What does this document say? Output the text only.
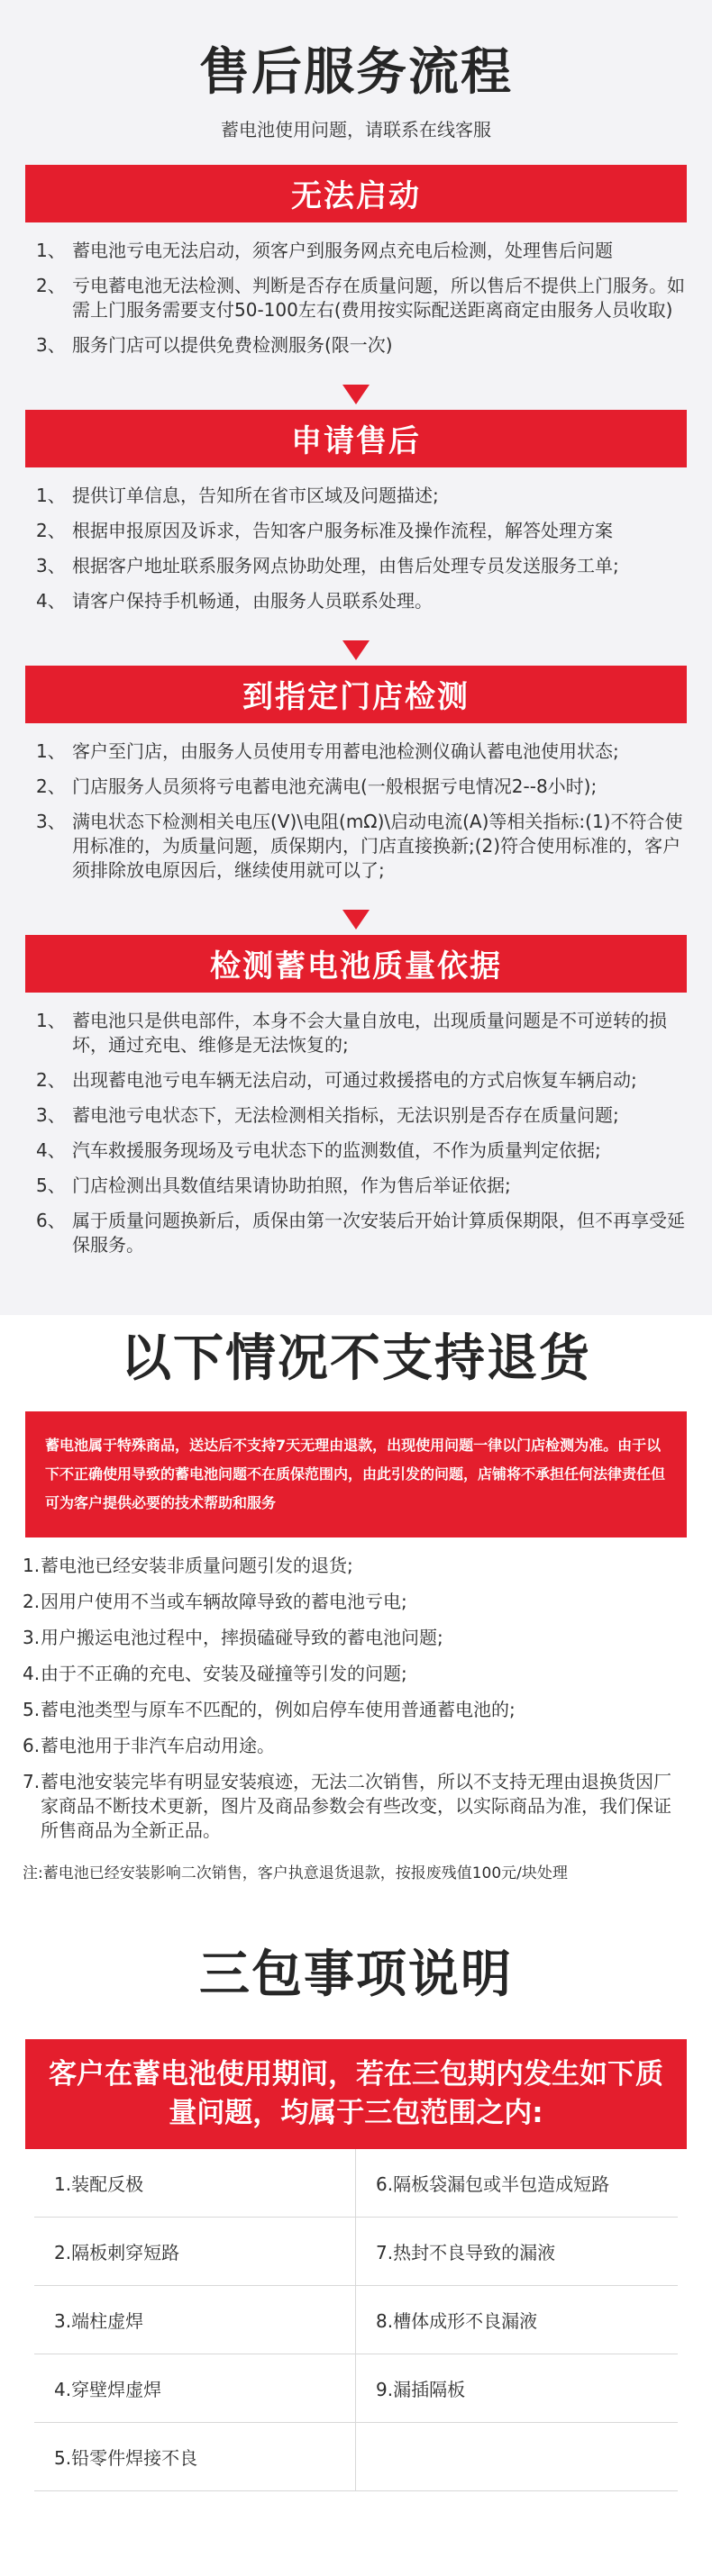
售后服务流程
蓄电池使用问题，请联系在线客服
无法启动
1、 蓄电池亏电无法启动，须客户到服务网点充电后检测，处理售后问题
2、 亏电蓄电池无法检测、判断是否存在质量问题，所以售后不提供上门服务。如需上门服务需要支付50-100左右(费用按实际配送距离商定由服务人员收取)
3、 服务门店可以提供免费检测服务(限一次)
申请售后
1、 提供订单信息，告知所在省市区域及问题描述;
2、 根据申报原因及诉求，告知客户服务标准及操作流程，解答处理方案
3、 根据客户地址联系服务网点协助处理，由售后处理专员发送服务工单;
4、 请客户保持手机畅通，由服务人员联系处理。
到指定门店检测
1、 客户至门店，由服务人员使用专用蓄电池检测仪确认蓄电池使用状态;
2、 门店服务人员须将亏电蓄电池充满电(一般根据亏电情况2--8小时);
3、 满电状态下检测相关电压(V)\电阻(mΩ)\启动电流(A)等相关指标:(1)不符合使用标准的，为质量问题，质保期内，门店直接换新;(2)符合使用标准的，客户须排除放电原因后，继续使用就可以了;
检测蓄电池质量依据
1、 蓄电池只是供电部件，本身不会大量自放电，出现质量问题是不可逆转的损坏，通过充电、维修是无法恢复的;
2、 出现蓄电池亏电车辆无法启动，可通过救援搭电的方式启恢复车辆启动;
3、 蓄电池亏电状态下，无法检测相关指标，无法识别是否存在质量问题;
4、 汽车救援服务现场及亏电状态下的监测数值，不作为质量判定依据;
5、 门店检测出具数值结果请协助拍照，作为售后举证依据;
6、 属于质量问题换新后，质保由第一次安装后开始计算质保期限，但不再享受延保服务。
以下情况不支持退货
蓄电池属于特殊商品，送达后不支持7天无理由退款，出现使用问题一律以门店检测为准。由于以下不正确使用导致的蓄电池问题不在质保范围内，由此引发的问题，店铺将不承担任何法律责任但可为客户提供必要的技术帮助和服务
1. 蓄电池已经安装非质量问题引发的退货;
2. 因用户使用不当或车辆故障导致的蓄电池亏电;
3. 用户搬运电池过程中，摔损磕碰导致的蓄电池问题;
4. 由于不正确的充电、安装及碰撞等引发的问题;
5. 蓄电池类型与原车不匹配的，例如启停车使用普通蓄电池的;
6. 蓄电池用于非汽车启动用途。
7. 蓄电池安装完毕有明显安装痕迹，无法二次销售，所以不支持无理由退换货因厂家商品不断技术更新，图片及商品参数会有些改变，以实际商品为准，我们保证所售商品为全新正品。
注:蓄电池已经安装影响二次销售，客户执意退货退款，按报废残值100元/块处理
三包事项说明
客户在蓄电池使用期间，若在三包期内发生如下质量问题，均属于三包范围之内:
1.装配反极	6.隔板袋漏包或半包造成短路
2.隔板刺穿短路	7.热封不良导致的漏液
3.端柱虚焊	8.槽体成形不良漏液
4.穿壁焊虚焊	9.漏插隔板
5.铅零件焊接不良
